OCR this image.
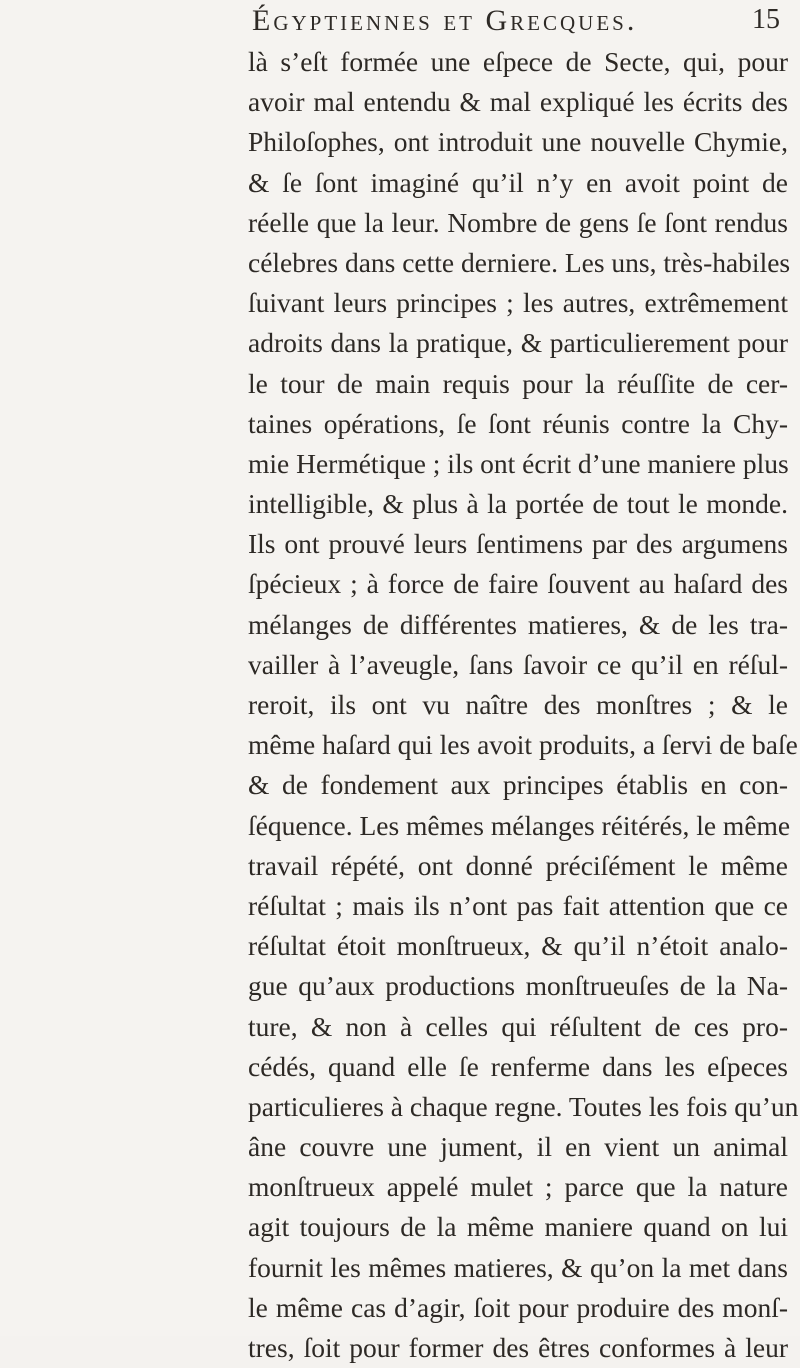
Égyptiennes et Grecques.	15
là s’eſt formée une eſpece de Secte, qui, pour
avoir mal entendu & mal expliqué les écrits des
Philoſophes, ont introduit une nouvelle Chymie,
& ſe ſont imaginé qu’il n’y en avoit point de
réelle que la leur. Nombre de gens ſe ſont rendus
célebres dans cette derniere. Les uns, très-habiles
ſuivant leurs principes ; les autres, extrêmement
adroits dans la pratique, & particulierement pour
le tour de main requis pour la réuſſite de cer-
taines opérations, ſe ſont réunis contre la Chy-
mie Hermétique ; ils ont écrit d’une maniere plus
intelligible, & plus à la portée de tout le monde.
Ils ont prouvé leurs ſentimens par des argumens
ſpécieux ; à force de faire ſouvent au haſard des
mélanges de différentes matieres, & de les tra-
vailler à l’aveugle, ſans ſavoir ce qu’il en réſul-
reroit, ils ont vu naître des monſtres ; & le
même haſard qui les avoit produits, a ſervi de baſe
& de fondement aux principes établis en con-
ſéquence. Les mêmes mélanges réitérés, le même
travail répété, ont donné préciſément le même
réſultat ; mais ils n’ont pas fait attention que ce
réſultat étoit monſtrueux, & qu’il n’étoit analo-
gue qu’aux productions monſtrueuſes de la Na-
ture, & non à celles qui réſultent de ces pro-
cédés, quand elle ſe renferme dans les eſpeces
particulieres à chaque regne. Toutes les fois qu’un
âne couvre une jument, il en vient un animal
monſtrueux appelé mulet ; parce que la nature
agit toujours de la même maniere quand on lui
fournit les mêmes matieres, & qu’on la met dans
le même cas d’agir, ſoit pour produire des monſ-
tres, ſoit pour former des êtres conformes à leur
